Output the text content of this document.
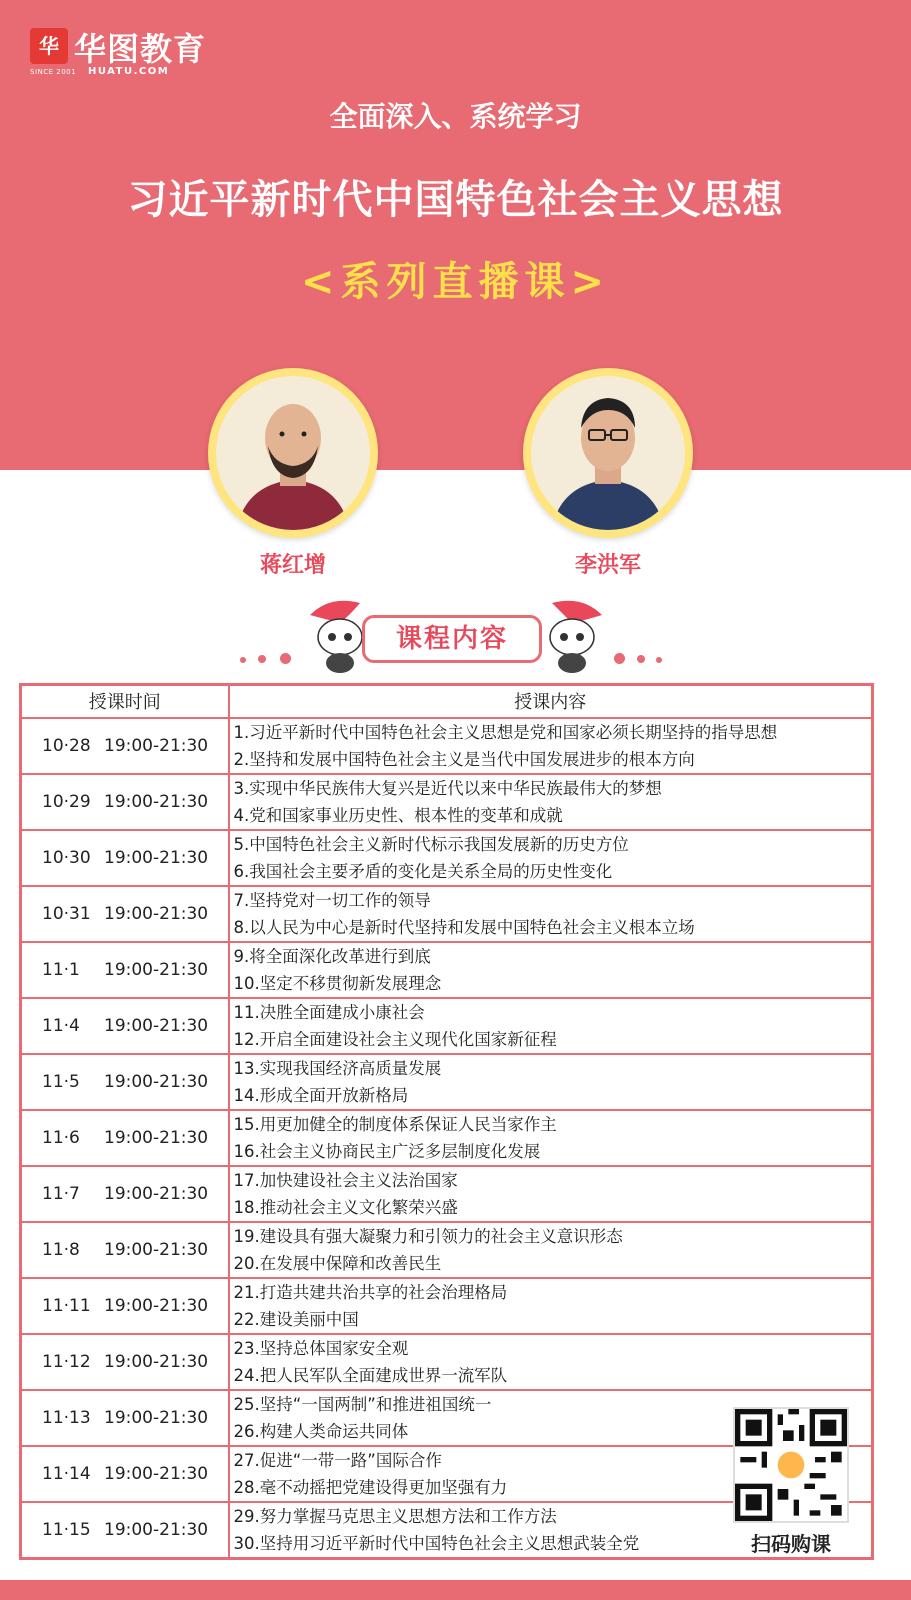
华 华图教育
HUATU.COM
SINCE 2001
全面深入、系统学习
习近平新时代中国特色社会主义思想
<系列直播课>
蒋红增	李洪军
课程内容
授课时间	授课内容
10·28 19:00-21:30	1.习近平新时代中国特色社会主义思想是党和国家必须长期坚持的指导思想
2.坚持和发展中国特色社会主义是当代中国发展进步的根本方向

10·29 19:00-21:30	3.实现中华民族伟大复兴是近代以来中华民族最伟大的梦想
4.党和国家事业历史性、根本性的变革和成就

10·30 19:00-21:30	5.中国特色社会主义新时代标示我国发展新的历史方位
6.我国社会主要矛盾的变化是关系全局的历史性变化

10·31 19:00-21:30	7.坚持党对一切工作的领导
8.以人民为中心是新时代坚持和发展中国特色社会主义根本立场

11·1 19:00-21:30	9.将全面深化改革进行到底
10.坚定不移贯彻新发展理念

11·4 19:00-21:30	11.决胜全面建成小康社会
12.开启全面建设社会主义现代化国家新征程

11·5 19:00-21:30	13.实现我国经济高质量发展
14.形成全面开放新格局

11·6 19:00-21:30	15.用更加健全的制度体系保证人民当家作主
16.社会主义协商民主广泛多层制度化发展

11·7 19:00-21:30	17.加快建设社会主义法治国家
18.推动社会主义文化繁荣兴盛

11·8 19:00-21:30	19.建设具有强大凝聚力和引领力的社会主义意识形态
20.在发展中保障和改善民生

11·11 19:00-21:30	21.打造共建共治共享的社会治理格局
22.建设美丽中国

11·12 19:00-21:30	23.坚持总体国家安全观
24.把人民军队全面建成世界一流军队

11·13 19:00-21:30	25.坚持“一国两制”和推进祖国统一
26.构建人类命运共同体

11·14 19:00-21:30	27.促进“一带一路”国际合作
28.毫不动摇把党建设得更加坚强有力

11·15 19:00-21:30	29.努力掌握马克思主义思想方法和工作方法
30.坚持用习近平新时代中国特色社会主义思想武装全党	扫码购课
